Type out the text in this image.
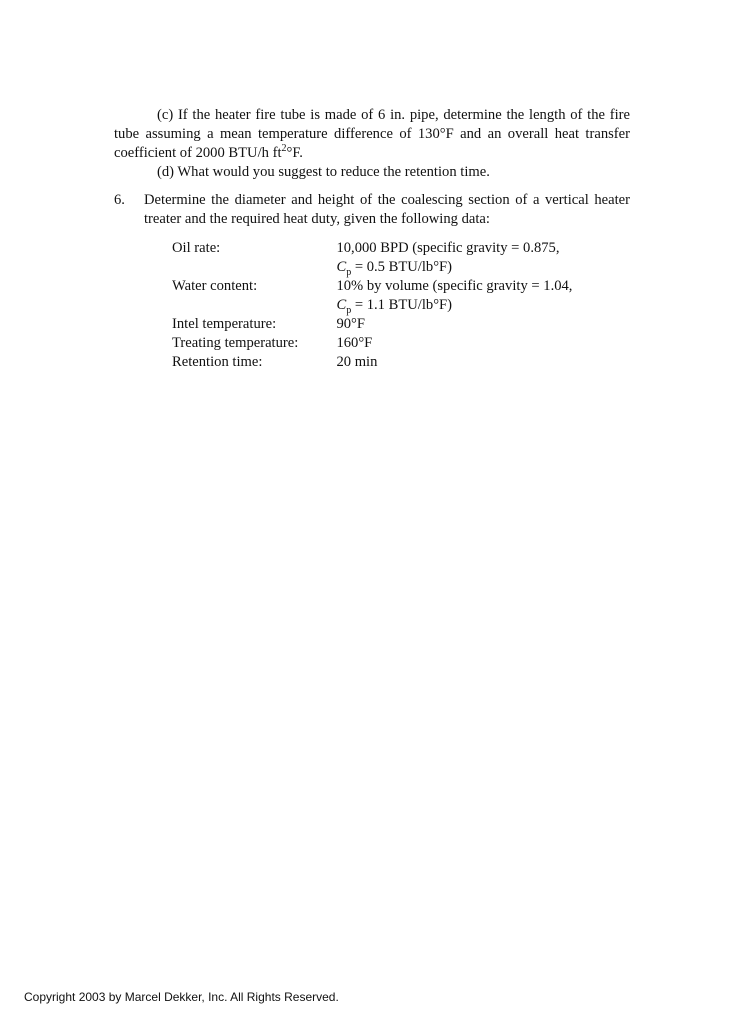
(c) If the heater fire tube is made of 6 in. pipe, determine the length of the fire tube assuming a mean temperature difference of 130°F and an overall heat transfer coefficient of 2000 BTU/h $ft^2^\circ F$.

(d) What would you suggest to reduce the retention time.

6.	Determine the diameter and height of the coalescing section of a vertical heater treater and the required heat duty, given the following data:
Oil rate:	10,000 BPD (specific gravity = 0.875,
$C_p = 0.5$ BTU/lb°F)

Water content:	10% by volume (specific gravity = 1.04,
$C_p = 1.1$ BTU/lb°F)

Intel temperature:	90°F
Treating temperature:	160°F
Retention time:	20 min
Copyright 2003 by Marcel Dekker, Inc. All Rights Reserved.
